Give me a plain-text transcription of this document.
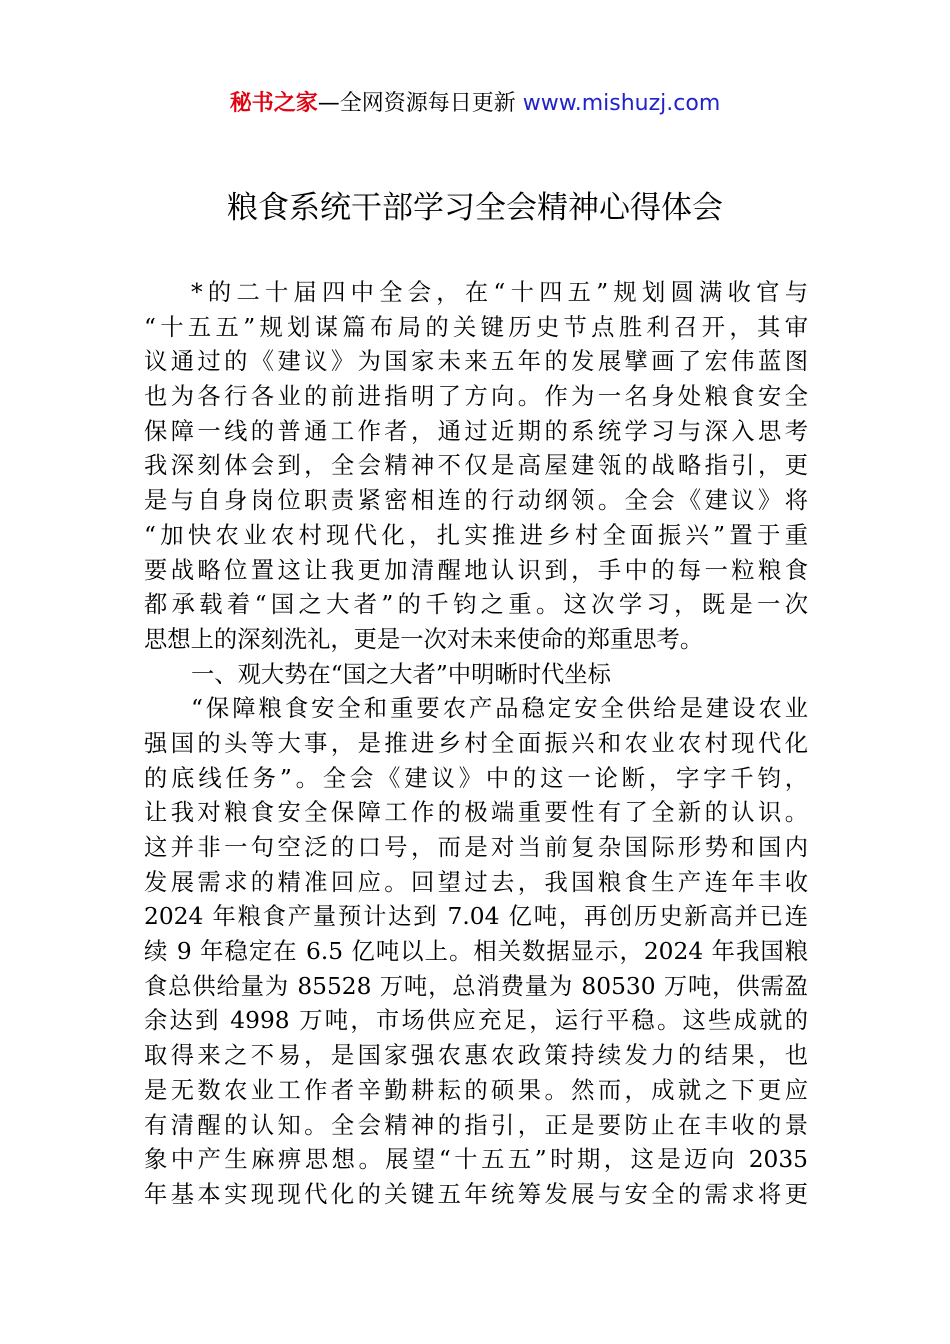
秘书之家—全网资源每日更新 www.mishuzj.com
粮食系统干部学习全会精神心得体会
*的二十届四中全会，在“十四五”规划圆满收官与
“十五五”规划谋篇布局的关键历史节点胜利召开，其审
议通过的《建议》为国家未来五年的发展擘画了宏伟蓝图
也为各行各业的前进指明了方向。作为一名身处粮食安全
保障一线的普通工作者，通过近期的系统学习与深入思考
我深刻体会到，全会精神不仅是高屋建瓴的战略指引，更
是与自身岗位职责紧密相连的行动纲领。全会《建议》将
“加快农业农村现代化，扎实推进乡村全面振兴”置于重
要战略位置这让我更加清醒地认识到，手中的每一粒粮食
都承载着“国之大者”的千钧之重。这次学习，既是一次
思想上的深刻洗礼，更是一次对未来使命的郑重思考。
一、观大势在“国之大者”中明晰时代坐标
“保障粮食安全和重要农产品稳定安全供给是建设农业
强国的头等大事，是推进乡村全面振兴和农业农村现代化
的底线任务”。全会《建议》中的这一论断，字字千钧，
让我对粮食安全保障工作的极端重要性有了全新的认识。
这并非一句空泛的口号，而是对当前复杂国际形势和国内
发展需求的精准回应。回望过去，我国粮食生产连年丰收
2024 年粮食产量预计达到 7.04 亿吨，再创历史新高并已连
续 9 年稳定在 6.5 亿吨以上。相关数据显示，2024 年我国粮
食总供给量为 85528 万吨，总消费量为 80530 万吨，供需盈
余达到 4998 万吨，市场供应充足，运行平稳。这些成就的
取得来之不易，是国家强农惠农政策持续发力的结果，也
是无数农业工作者辛勤耕耘的硕果。然而，成就之下更应
有清醒的认知。全会精神的指引，正是要防止在丰收的景
象中产生麻痹思想。展望“十五五”时期，这是迈向 2035
年基本实现现代化的关键五年统筹发展与安全的需求将更
